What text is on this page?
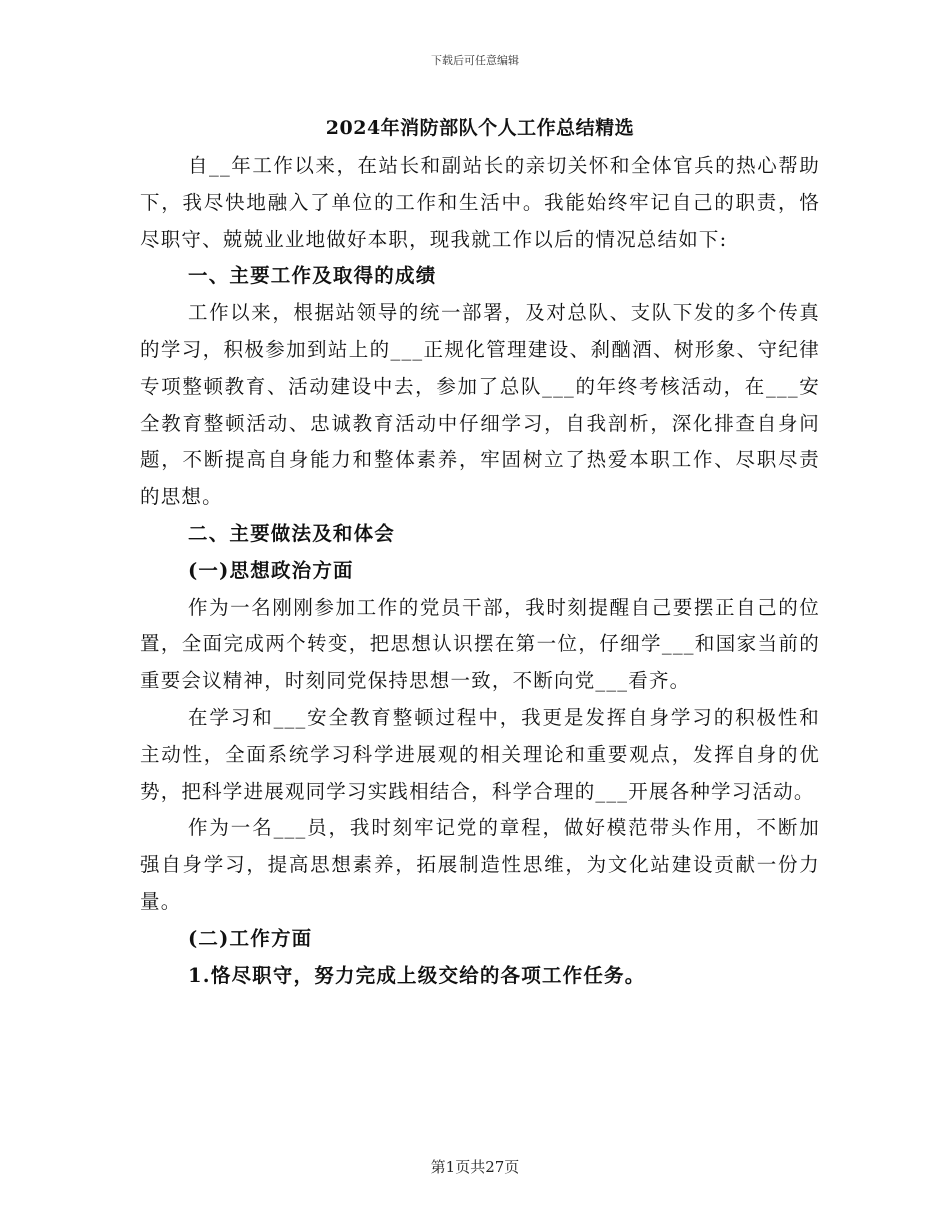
下载后可任意编辑
2024年消防部队个人工作总结精选

自__年工作以来，在站长和副站长的亲切关怀和全体官兵的热心帮助下，我尽快地融入了单位的工作和生活中。我能始终牢记自己的职责，恪尽职守、兢兢业业地做好本职，现我就工作以后的情况总结如下:

一、主要工作及取得的成绩

工作以来，根据站领导的统一部署，及对总队、支队下发的多个传真的学习，积极参加到站上的___正规化管理建设、刹酗酒、树形象、守纪律专项整顿教育、活动建设中去，参加了总队___的年终考核活动，在___安全教育整顿活动、忠诚教育活动中仔细学习，自我剖析，深化排查自身问题，不断提高自身能力和整体素养，牢固树立了热爱本职工作、尽职尽责的思想。

二、主要做法及和体会

(一)思想政治方面

作为一名刚刚参加工作的党员干部，我时刻提醒自己要摆正自己的位置，全面完成两个转变，把思想认识摆在第一位，仔细学___和国家当前的重要会议精神，时刻同党保持思想一致，不断向党___看齐。

在学习和___安全教育整顿过程中，我更是发挥自身学习的积极性和主动性，全面系统学习科学进展观的相关理论和重要观点，发挥自身的优势，把科学进展观同学习实践相结合，科学合理的___开展各种学习活动。

作为一名___员，我时刻牢记党的章程，做好模范带头作用，不断加强自身学习，提高思想素养，拓展制造性思维，为文化站建设贡献一份力量。

(二)工作方面

1.恪尽职守，努力完成上级交给的各项工作任务。

第1页共27页
